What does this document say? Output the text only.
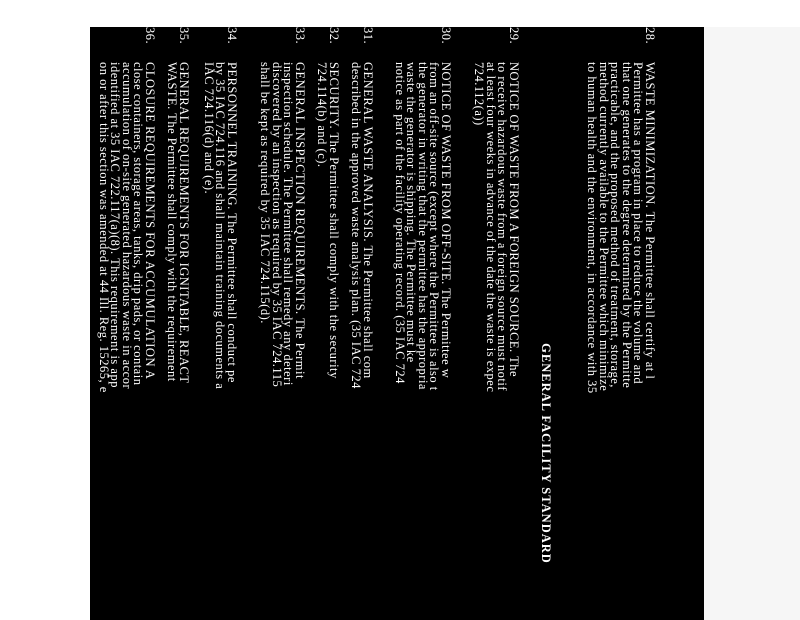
28.
WASTE MINIMIZATION. The Permittee shall certify at l
Permittee has a program in place to reduce the volume and
that one generates to the degree determined by the Permitte
practicable, and the proposed method of treatment, storage,
method currently available to the Permittee which minimize
to human health and the environment, in accordance with 35
GENERAL FACILITY STANDARD
29.
NOTICE OF WASTE FROM A FOREIGN SOURCE. The
to receive hazardous waste from a foreign source must notif
at least four weeks in advance of the date the waste is expec
724.112(a))
30.
NOTICE OF WASTE FROM OFF-SITE. The Permittee w
from an off-site source (except where the Permittee is also t
the generator in writing that the permittee has the appropria
waste the generator is shipping. The Permittee must ke
notice as part of the facility operating record. (35 IAC 724
31.
GENERAL WASTE ANALYSIS. The Permittee shall com
described in the approved waste analysis plan. (35 IAC 724
32.
SECURITY. The Permittee shall comply with the security
724.114(b) and (c).
33.
GENERAL INSPECTION REQUIREMENTS. The Permit
inspection schedule. The Permittee shall remedy any deteri
discovered by an inspection as required by 35 IAC 724.115
shall be kept as required by 35 IAC 724.115(d).
34.
PERSONNEL TRAINING. The Permittee shall conduct pe
by 35 IAC 724.116 and shall maintain training documents a
IAC 724.116(d) and (e).
35.
GENERAL REQUIREMENTS FOR IGNITABLE, REACT
WASTE. The Permittee shall comply with the requirement
36.
CLOSURE REQUIREMENTS FOR ACCUMULATION A
close containers, storage areas, tanks, drip pads, or contain
accumulation of on-site generated hazardous waste in accor
identified at 35 IAC 722.117(a)(8). This requirement is app
on or after this section was amended at 44 Ill. Reg. 15265, e
